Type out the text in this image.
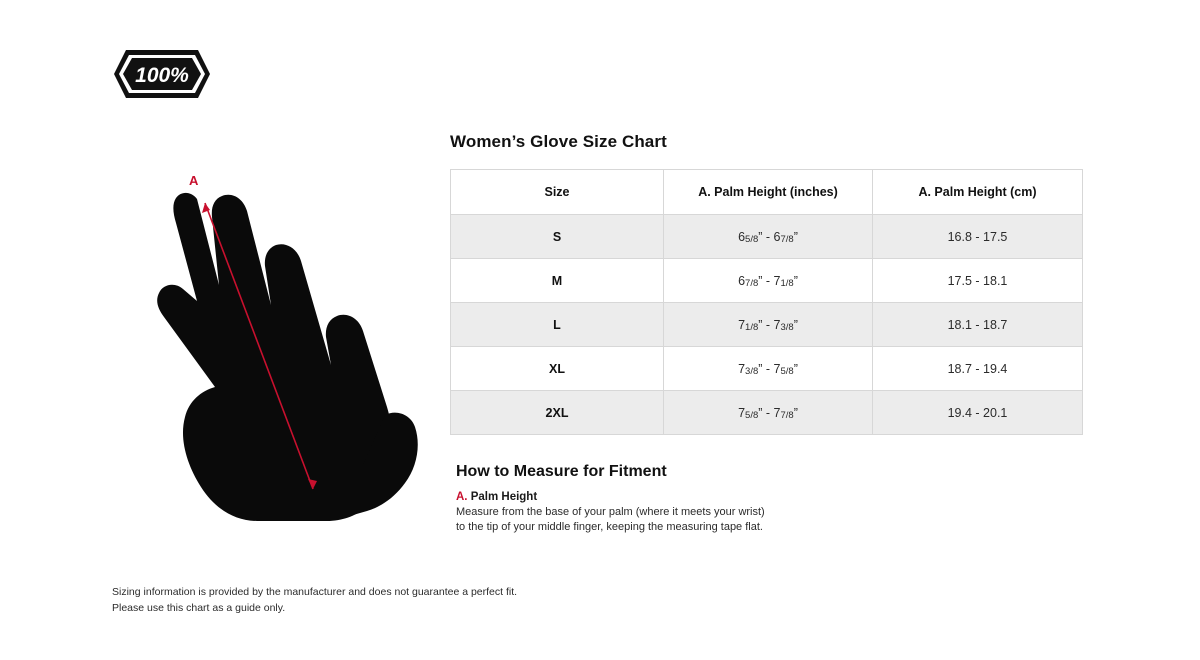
100%
A
Women’s Glove Size Chart
Size	A. Palm Height (inches)	A. Palm Height (cm)
S	65/8” - 67/8”	16.8 - 17.5
M	67/8” - 71/8”	17.5 - 18.1
L	71/8” - 73/8”	18.1 - 18.7
XL	73/8” - 75/8”	18.7 - 19.4
2XL	75/8” - 77/8”	19.4 - 20.1
How to Measure for Fitment

A. Palm Height

Measure from the base of your palm (where it meets your wrist) to the tip of your middle finger, keeping the measuring tape flat.

Sizing information is provided by the manufacturer and does not guarantee a perfect fit.
Please use this chart as a guide only.
